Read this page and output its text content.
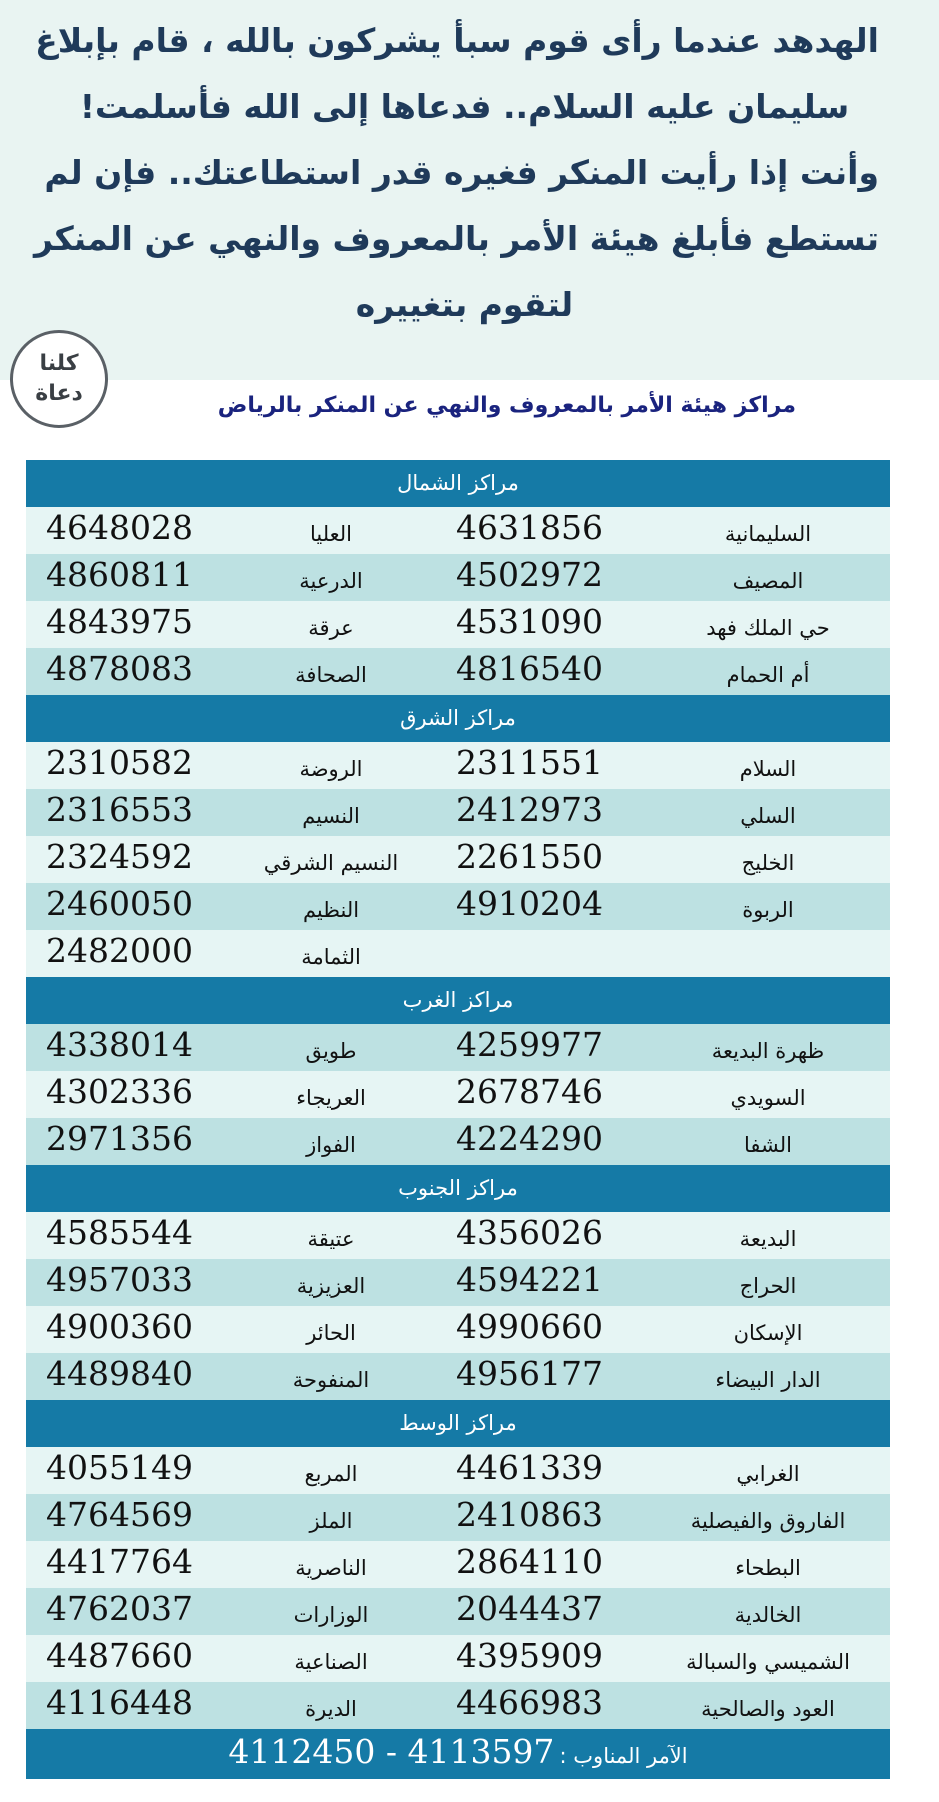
الهدهد عندما رأى قوم سبأ يشركون بالله ، قام بإبلاغ
سليمان عليه السلام.. فدعاها إلى الله فأسلمت!
وأنت إذا رأيت المنكر فغيره قدر استطاعتك.. فإن لم
تستطع فأبلغ هيئة الأمر بالمعروف والنهي عن المنكر
لتقوم بتغييره
كلنا
دعاة	مراكز هيئة الأمر بالمعروف والنهي عن المنكر بالرياض
مراكز الشمال
4648028	العليا	4631856	السليمانية
4860811	الدرعية	4502972	المصيف
4843975	عرقة	4531090	حي الملك فهد
4878083	الصحافة	4816540	أم الحمام
مراكز الشرق
2310582	الروضة	2311551	السلام
2316553	النسيم	2412973	السلي
2324592	النسيم الشرقي	2261550	الخليج
2460050	النظيم	4910204	الربوة
2482000	الثمامة
مراكز الغرب
4338014	طويق	4259977	ظهرة البديعة
4302336	العريجاء	2678746	السويدي
2971356	الفواز	4224290	الشفا
مراكز الجنوب
4585544	عتيقة	4356026	البديعة
4957033	العزيزية	4594221	الحراج
4900360	الحائر	4990660	الإسكان
4489840	المنفوحة	4956177	الدار البيضاء
مراكز الوسط
4055149	المربع	4461339	الغرابي
4764569	الملز	2410863	الفاروق والفيصلية
4417764	الناصرية	2864110	البطحاء
4762037	الوزارات	2044437	الخالدية
4487660	الصناعية	4395909	الشميسي والسبالة
4116448	الديرة	4466983	العود والصالحية
الآمر المناوب : 4112450 - 4113597
